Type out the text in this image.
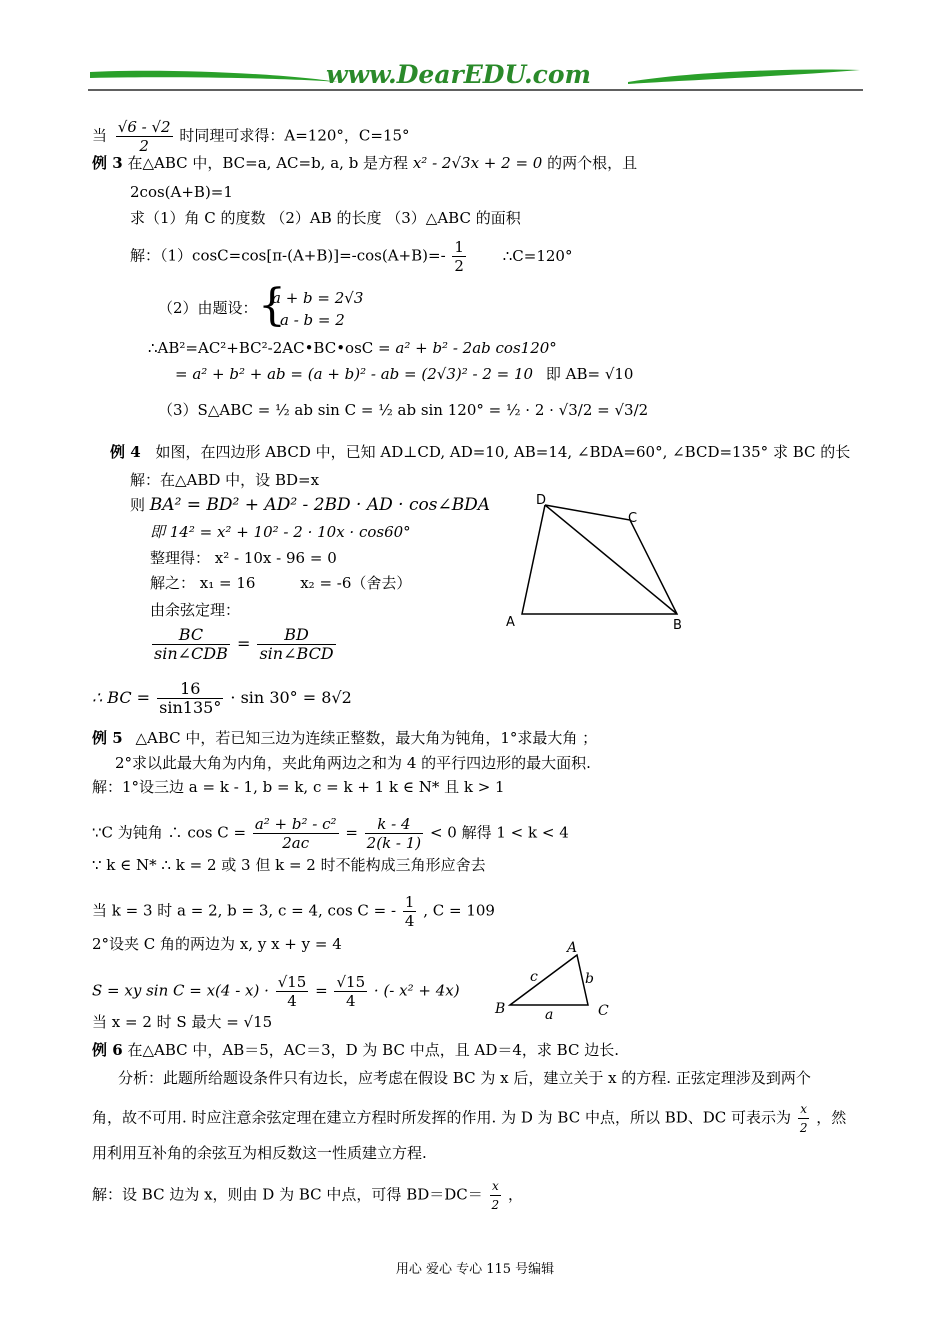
www.DearEDU.com
当 $\frac{√6 - √2}{2}$ 时同理可求得：A=120°，C=15°
例 3 在△ABC 中，BC=a, AC=b, a, b 是方程 x² - 2√3x + 2 = 0 的两个根，且
2cos(A+B)=1
求（1）角 C 的度数 （2）AB 的长度 （3）△ABC 的面积
解：$(1)\cos C=\cos[\pi-(A+B)]=-\cos(A+B)=- \frac{1}{2}$ ∴C=120°
（2）由题设： {
a + b = 2√3
a - b = 2
∴AB²=AC²+BC²-2AC•BC•osC = a² + b² - 2ab cos120°
= a² + b² + ab = (a + b)² - ab = (2√3)² - 2 = 10 即 AB= √10
（3）S△ABC = ½ ab sin C = ½ ab sin 120° = ½ · 2 · √3/2 = √3/2
例 4 如图，在四边形 ABCD 中，已知 AD⊥CD, AD=10, AB=14, ∠BDA=60°, ∠BCD=135° 求 BC 的长
解：在△ABD 中，设 BD=x
则 BA² = BD² + AD² - 2BD · AD · cos∠BDA
即 14² = x² + 10² - 2 · 10x · cos60°
整理得： x² - 10x - 96 = 0
解之： x₁ = 16	x₂ = -6（舍去）
由余弦定理：
$\frac{BC}{\text{sin∠CDB}} = \frac{BD}{\text{sin∠BCD}}$
∴ BC = $\frac{16}{\sin 135^\circ} \cdot \sin 30^\circ = 8√2$
D
C
A	B
例 5 △ABC 中，若已知三边为连续正整数，最大角为钝角，1°求最大角 ；
2°求以此最大角为内角，夹此角两边之和为 4 的平行四边形的最大面积.
解：1°设三边 a = k - 1, b = k, c = k + 1 k ∈ N* 且 k > 1
∵C 为钝角 ∴ $\cos C = \frac{\text{a² + b² - c²}}{2ac} = \frac{k - 4}{2(k - 1)} < 0$ 解得 1 < k < 4
∵ k ∈ N* ∴ k = 2 或 3 但 k = 2 时不能构成三角形应舍去
当 k = 3 时 a = 2, b = 3, c = 4, cos C = - $\frac{1}{4}$ , C = 109
2°设夹 C 角的两边为 x, y x + y = 4
S = xy $\sin C = x(4 - x) \cdot \frac{√15}{4} = \frac{√15}{4}$ · (- x² + 4x)
当 x = 2 时 S 最大 = √15
A
B	C
a
b
c
例 6 在△ABC 中，AB＝5，AC＝3，D 为 BC 中点，且 AD＝4，求 BC 边长.
分析：此题所给题设条件只有边长，应考虑在假设 BC 为 x 后，建立关于 x 的方程. 正弦定理涉及到两个
角，故不可用. 时应注意余弦定理在建立方程时所发挥的作用. 为 D 为 BC 中点，所以 BD、DC 可表示为 $\frac{x}{2}$ ，然
用利用互补角的余弦互为相反数这一性质建立方程.
解：设 BC 边为 x，则由 D 为 BC 中点，可得 $BD=DC= \frac{x}{2}$ ，
用心 爱心 专心 115 号编辑
